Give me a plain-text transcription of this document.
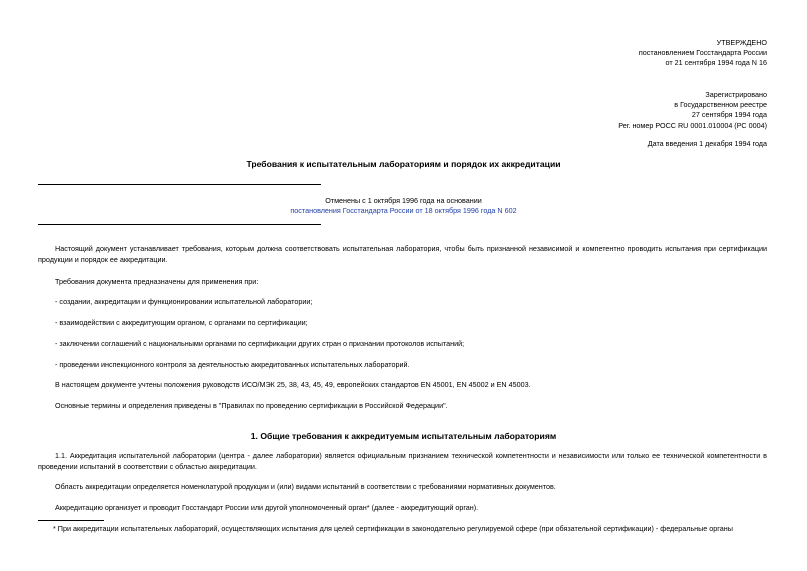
УТВЕРЖДЕНО
постановлением Госстандарта России
от 21 сентября 1994 года N 16
Зарегистрировано
в Государственном реестре
27 сентября 1994 года
Рег. номер РОСС RU 0001.010004 (РС 0004)
Дата введения 1 декабря 1994 года
Требования к испытательным лабораториям и порядок их аккредитации
Отменены с 1 октября 1996 года на основании
постановления Госстандарта России от 18 октября 1996 года N 602
Настоящий документ устанавливает требования, которым должна соответствовать испытательная лаборатория, чтобы быть признанной независимой и компетентно проводить испытания при сертификации продукции и порядок ее аккредитации.
Требования документа предназначены для применения при:
- создании, аккредитации и функционировании испытательной лаборатории;
- взаимодействии с аккредитующим органом, с органами по сертификации;
- заключении соглашений с национальными органами по сертификации других стран о признании протоколов испытаний;
- проведении инспекционного контроля за деятельностью аккредитованных испытательных лабораторий.
В настоящем документе учтены положения руководств ИСО/МЭК 25, 38, 43, 45, 49, европейских стандартов EN 45001, EN 45002 и EN 45003.
Основные термины и определения приведены в "Правилах по проведению сертификации в Российской Федерации".
1. Общие требования к аккредитуемым испытательным лабораториям
1.1. Аккредитация испытательной лаборатории (центра - далее лаборатории) является официальным признанием технической компетентности и независимости или только ее технической компетентности в проведении испытаний в соответствии с областью аккредитации.
Область аккредитации определяется номенклатурой продукции и (или) видами испытаний в соответствии с требованиями нормативных документов.
Аккредитацию организует и проводит Госстандарт России или другой уполномоченный орган* (далее - аккредитующий орган).
* При аккредитации испытательных лабораторий, осуществляющих испытания для целей сертификации в законодательно регулируемой сфере (при обязательной сертификации) - федеральные органы
